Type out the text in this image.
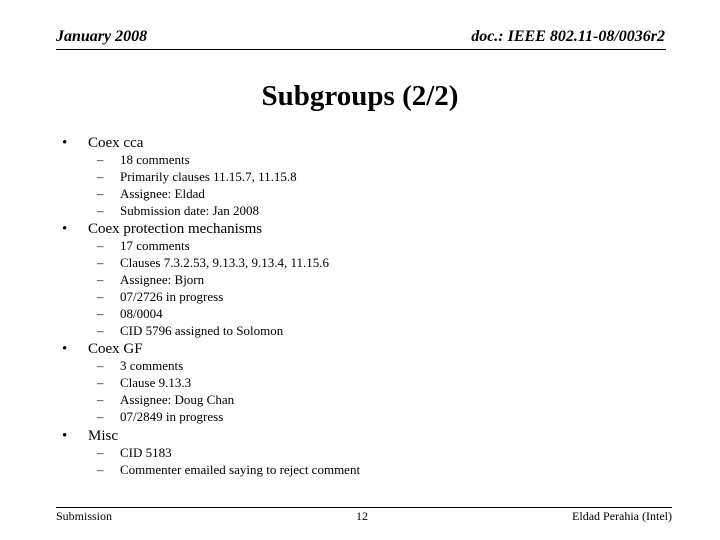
January 2008	doc.: IEEE 802.11-08/0036r2
Subgroups (2/2)
• Coex cca
– 18 comments
– Primarily clauses 11.15.7, 11.15.8
– Assignee: Eldad
– Submission date: Jan 2008
• Coex protection mechanisms
– 17 comments
– Clauses 7.3.2.53, 9.13.3, 9.13.4, 11.15.6
– Assignee: Bjorn
– 07/2726 in progress
– 08/0004
– CID 5796 assigned to Solomon
• Coex GF
– 3 comments
– Clause 9.13.3
– Assignee: Doug Chan
– 07/2849 in progress
• Misc
– CID 5183
– Commenter emailed saying to reject comment
Submission	12	Eldad Perahia (Intel)
